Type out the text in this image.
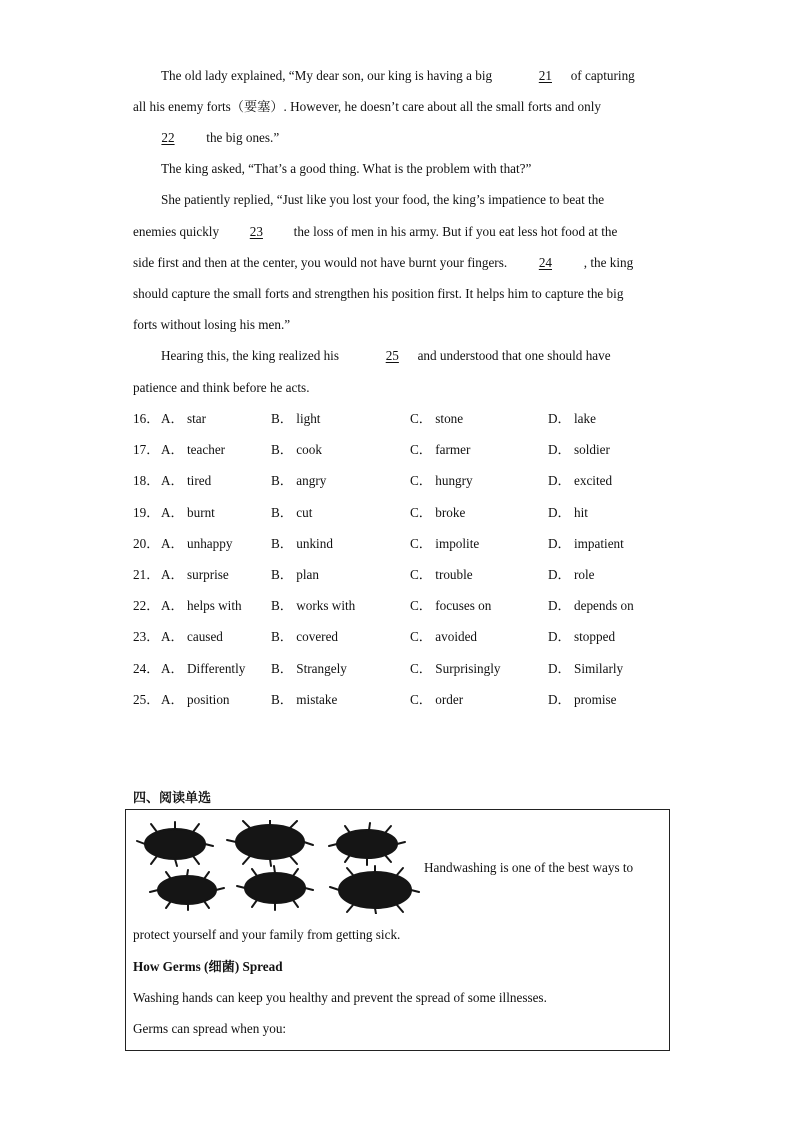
The old lady explained, “My dear son, our king is having a big	21 of capturing
all his enemy forts（要塞）. However, he doesn’t care about all the small forts and only
22 the big ones.”
The king asked, “That’s a good thing. What is the problem with that?”
She patiently replied, “Just like you lost your food, the king’s impatience to beat the
enemies quickly 23 the loss of men in his army. But if you eat less hot food at the
side first and then at the center, you would not have burnt your fingers. 24 , the king
should capture the small forts and strengthen his position first. It helps him to capture the big
forts without losing his men.”
Hearing this, the king realized his	25 and understood that one should have
patience and think before he acts.
16． A． star	B． light	C． stone	D． lake
17． A． teacher	B． cook	C． farmer	D． soldier
18． A． tired	B． angry	C． hungry	D． excited
19． A． burnt	B． cut	C． broke	D． hit
20． A． unhappy	B． unkind	C． impolite	D． impatient
21． A． surprise	B． plan	C． trouble	D． role
22． A． helps with B． works with	C． focuses on	D． depends on
23． A． caused	B． covered	C． avoided	D． stopped
24． A． Differently B． Strangely	C． Surprisingly	D． Similarly
25． A． position	B． mistake	C． order	D． promise
四、阅读单选
Handwashing is one of the best ways to
protect yourself and your family from getting sick.
How Germs (细菌) Spread
Washing hands can keep you healthy and prevent the spread of some illnesses.
Germs can spread when you:
